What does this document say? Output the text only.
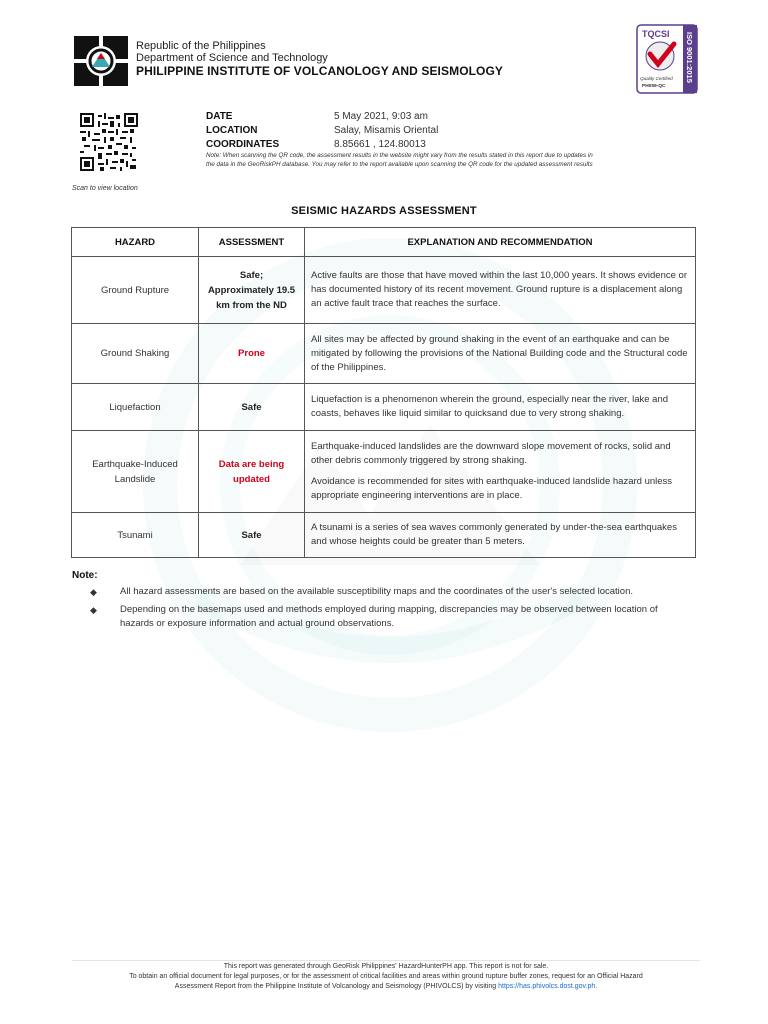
Republic of the Philippines
Department of Science and Technology
PHILIPPINE INSTITUTE OF VOLCANOLOGY AND SEISMOLOGY
TQCSI
Quality Certified
PH059-QC
ISO 9001:2015
Scan to view location
DATE	5 May 2021, 9:03 am
LOCATION	Salay, Misamis Oriental
COORDINATES	8.85661 , 124.80013
Note: When scanning the QR code, the assessment results in the website might vary from the results stated in this report due to updates in
the data in the GeoRiskPH database. You may refer to the report available upon scanning the QR code for the updated assessment results
SEISMIC HAZARDS ASSESSMENT
HAZARD	ASSESSMENT	EXPLANATION AND RECOMMENDATION
Ground Rupture	Safe; Approximately 19.5 km from the ND	Active faults are those that have moved within the last 10,000 years. It shows evidence or has documented history of its recent movement. Ground rupture is a displacement along an active fault trace that reaches the surface.

Ground Shaking	Prone	All sites may be affected by ground shaking in the event of an earthquake and can be mitigated by following the provisions of the National Building code and the Structural code of the Philippines.

Liquefaction	Safe	Liquefaction is a phenomenon wherein the ground, especially near the river, lake and coasts, behaves like liquid similar to quicksand due to very strong shaking.

Earthquake-Induced Landslide	Data are being updated	Earthquake-induced landslides are the downward slope movement of rocks, solid and other debris commonly triggered by strong shaking.

Avoidance is recommended for sites with earthquake-induced landslide hazard unless appropriate engineering interventions are in place.

Tsunami	Safe	A tsunami is a series of sea waves commonly generated by under-the-sea earthquakes and whose heights could be greater than 5 meters.

Note:
◆ All hazard assessments are based on the available susceptibility maps and the coordinates of the user's selected location.
◆ Depending on the basemaps used and methods employed during mapping, discrepancies may be observed between location of hazards or exposure information and actual ground observations.
This report was generated through GeoRisk Philippines' HazardHunterPH app. This report is not for sale.
To obtain an official document for legal purposes, or for the assessment of critical facilities and areas within ground rupture buffer zones, request for an Official Hazard
Assessment Report from the Philippine Institute of Volcanology and Seismology (PHIVOLCS) by visiting https://has.phivolcs.dost.gov.ph.
